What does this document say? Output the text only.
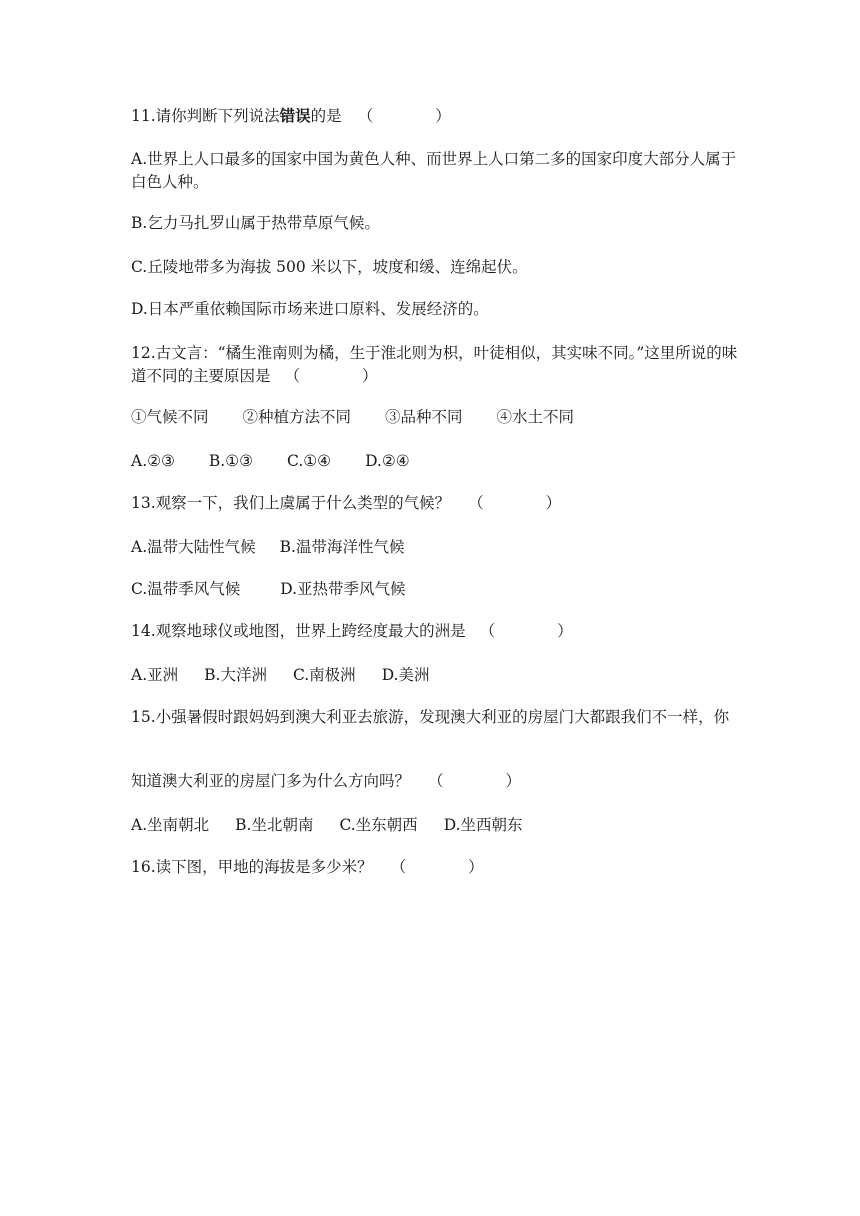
11.请你判断下列说法错误的是 （　　　　）
A.世界上人口最多的国家中国为黄色人种、而世界上人口第二多的国家印度大部分人属于白色人种。
B.乞力马扎罗山属于热带草原气候。
C.丘陵地带多为海拔 500 米以下，坡度和缓、连绵起伏。
D.日本严重依赖国际市场来进口原料、发展经济的。
12.古文言：“橘生淮南则为橘，生于淮北则为枳，叶徒相似，其实味不同。”这里所说的味道不同的主要原因是 （　　　　）
①气候不同 ②种植方法不同 ③品种不同 ④水土不同
A.②③ B.①③ C.①④ D.②④
13.观察一下，我们上虞属于什么类型的气候？ （　　　　）
A.温带大陆性气候 B.温带海洋性气候
C.温带季风气候	D.亚热带季风气候
14.观察地球仪或地图，世界上跨经度最大的洲是 （　　　　）
A.亚洲 B.大洋洲 C.南极洲 D.美洲
15.小强暑假时跟妈妈到澳大利亚去旅游，发现澳大利亚的房屋门大都跟我们不一样，你
知道澳大利亚的房屋门多为什么方向吗？ （　　　　）
A.坐南朝北 B.坐北朝南 C.坐东朝西 D.坐西朝东
16.读下图，甲地的海拔是多少米？ （　　　　）
